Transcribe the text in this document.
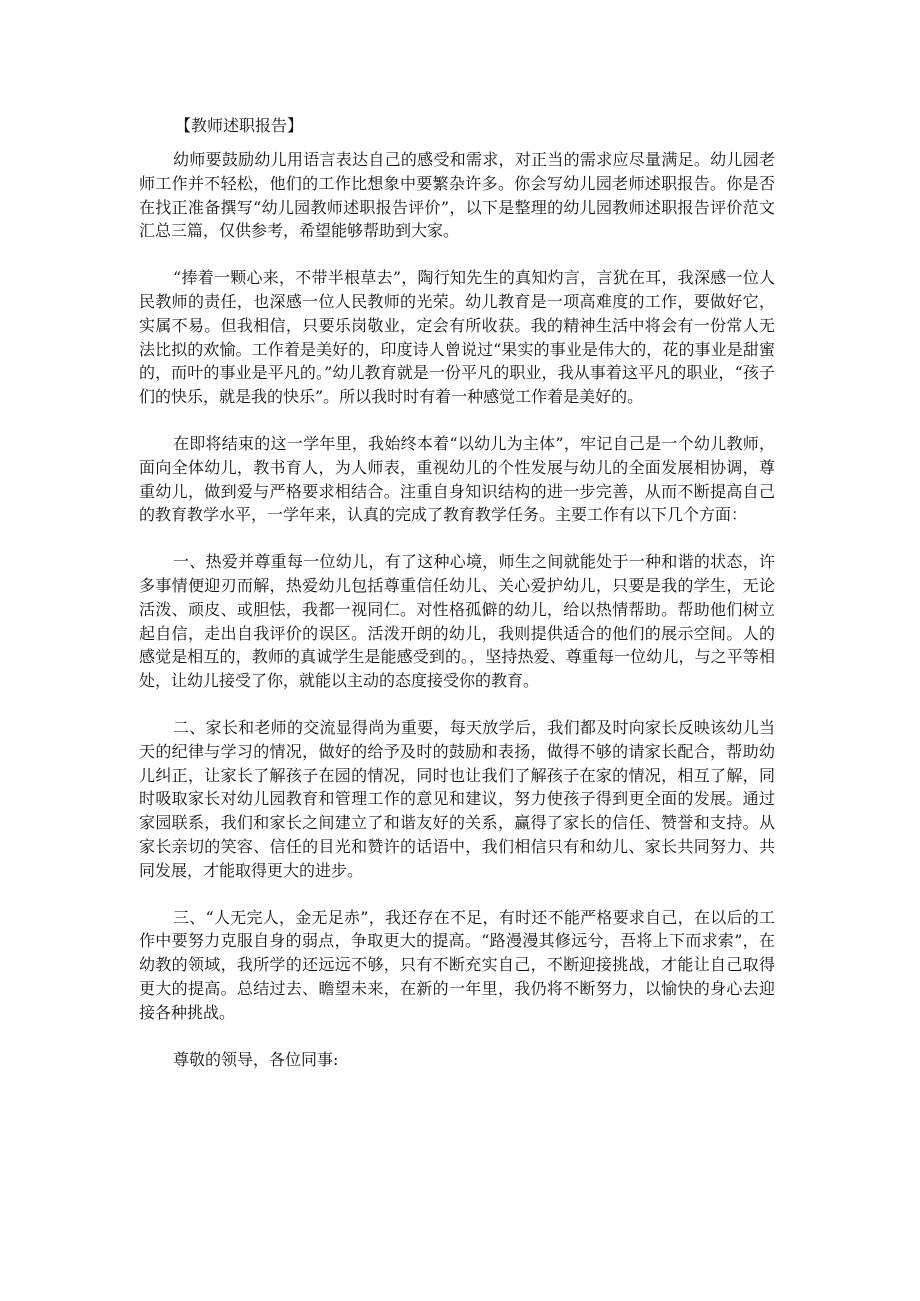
【教师述职报告】

幼师要鼓励幼儿用语言表达自己的感受和需求，对正当的需求应尽量满足。幼儿园老师工作并不轻松，他们的工作比想象中要繁杂许多。你会写幼儿园老师述职报告。你是否在找正准备撰写“幼儿园教师述职报告评价”，以下是整理的幼儿园教师述职报告评价范文汇总三篇，仅供参考，希望能够帮助到大家。

“捧着一颗心来，不带半根草去”，陶行知先生的真知灼言，言犹在耳，我深感一位人民教师的责任，也深感一位人民教师的光荣。幼儿教育是一项高难度的工作，要做好它，实属不易。但我相信，只要乐岗敬业，定会有所收获。我的精神生活中将会有一份常人无法比拟的欢愉。工作着是美好的，印度诗人曾说过“果实的事业是伟大的，花的事业是甜蜜的，而叶的事业是平凡的。”幼儿教育就是一份平凡的职业，我从事着这平凡的职业，“孩子们的快乐，就是我的快乐”。所以我时时有着一种感觉工作着是美好的。

在即将结束的这一学年里，我始终本着“以幼儿为主体”，牢记自己是一个幼儿教师，面向全体幼儿，教书育人，为人师表，重视幼儿的个性发展与幼儿的全面发展相协调，尊重幼儿，做到爱与严格要求相结合。注重自身知识结构的进一步完善，从而不断提高自己的教育教学水平，一学年来，认真的完成了教育教学任务。主要工作有以下几个方面：

一、热爱并尊重每一位幼儿，有了这种心境，师生之间就能处于一种和谐的状态，许多事情便迎刃而解，热爱幼儿包括尊重信任幼儿、关心爱护幼儿，只要是我的学生，无论活泼、顽皮、或胆怯，我都一视同仁。对性格孤僻的幼儿，给以热情帮助。帮助他们树立起自信，走出自我评价的误区。活泼开朗的幼儿，我则提供适合的他们的展示空间。人的感觉是相互的，教师的真诚学生是能感受到的。，坚持热爱、尊重每一位幼儿，与之平等相处，让幼儿接受了你，就能以主动的态度接受你的教育。

二、家长和老师的交流显得尚为重要，每天放学后，我们都及时向家长反映该幼儿当天的纪律与学习的情况，做好的给予及时的鼓励和表扬，做得不够的请家长配合，帮助幼儿纠正，让家长了解孩子在园的情况，同时也让我们了解孩子在家的情况，相互了解，同时吸取家长对幼儿园教育和管理工作的意见和建议，努力使孩子得到更全面的发展。通过家园联系，我们和家长之间建立了和谐友好的关系，赢得了家长的信任、赞誉和支持。从家长亲切的笑容、信任的目光和赞许的话语中，我们相信只有和幼儿、家长共同努力、共同发展，才能取得更大的进步。

三、“人无完人，金无足赤”，我还存在不足，有时还不能严格要求自己，在以后的工作中要努力克服自身的弱点，争取更大的提高。“路漫漫其修远兮，吾将上下而求索”，在幼教的领域，我所学的还远远不够，只有不断充实自己，不断迎接挑战，才能让自己取得更大的提高。总结过去、瞻望未来，在新的一年里，我仍将不断努力，以愉快的身心去迎接各种挑战。

尊敬的领导，各位同事:
